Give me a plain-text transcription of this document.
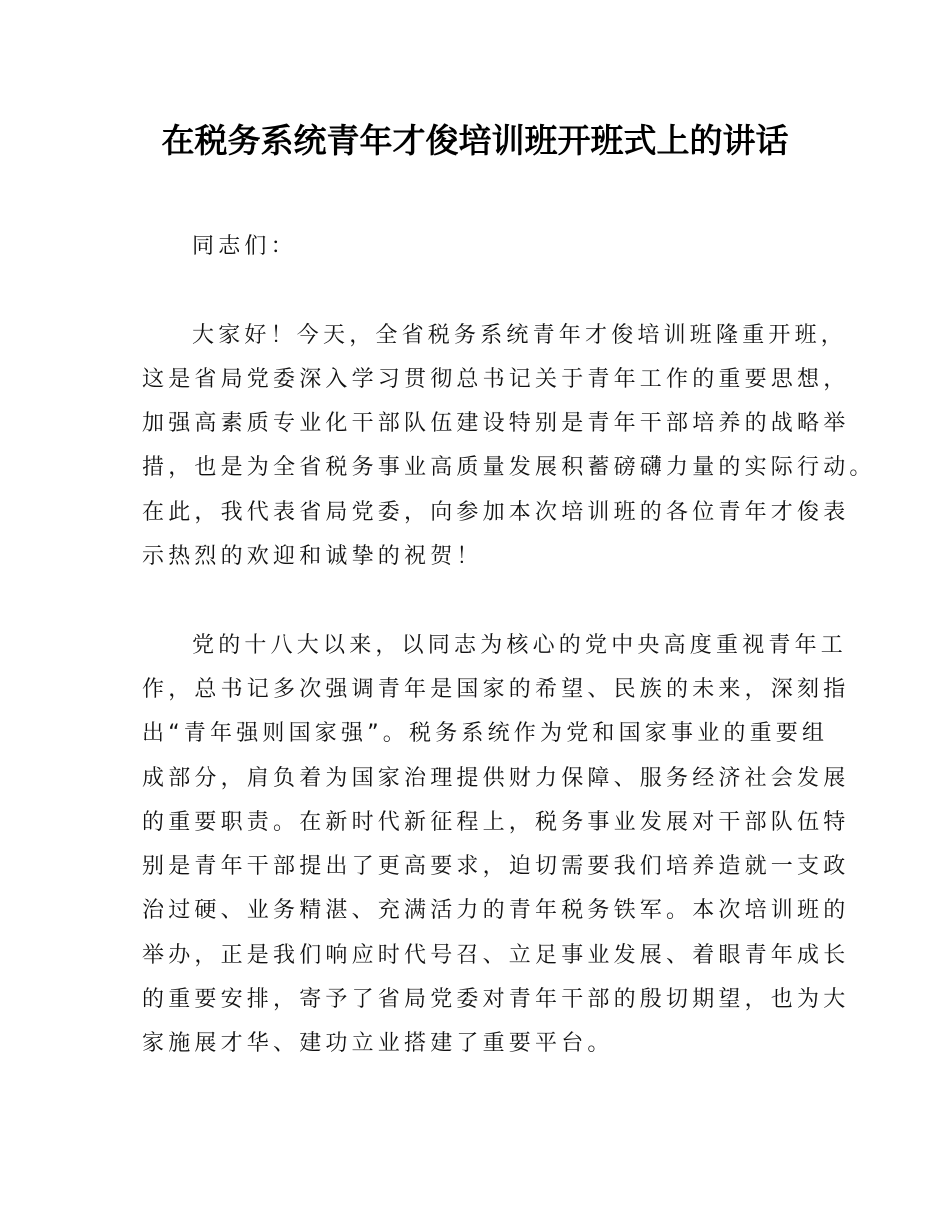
在税务系统青年才俊培训班开班式上的讲话
同志们：
大家好！今天，全省税务系统青年才俊培训班隆重开班，
这是省局党委深入学习贯彻总书记关于青年工作的重要思想，
加强高素质专业化干部队伍建设特别是青年干部培养的战略举
措，也是为全省税务事业高质量发展积蓄磅礴力量的实际行动。
在此，我代表省局党委，向参加本次培训班的各位青年才俊表
示热烈的欢迎和诚挚的祝贺！
党的十八大以来，以同志为核心的党中央高度重视青年工
作，总书记多次强调青年是国家的希望、民族的未来，深刻指
出“青年强则国家强”。税务系统作为党和国家事业的重要组
成部分，肩负着为国家治理提供财力保障、服务经济社会发展
的重要职责。在新时代新征程上，税务事业发展对干部队伍特
别是青年干部提出了更高要求，迫切需要我们培养造就一支政
治过硬、业务精湛、充满活力的青年税务铁军。本次培训班的
举办，正是我们响应时代号召、立足事业发展、着眼青年成长
的重要安排，寄予了省局党委对青年干部的殷切期望，也为大
家施展才华、建功立业搭建了重要平台。
